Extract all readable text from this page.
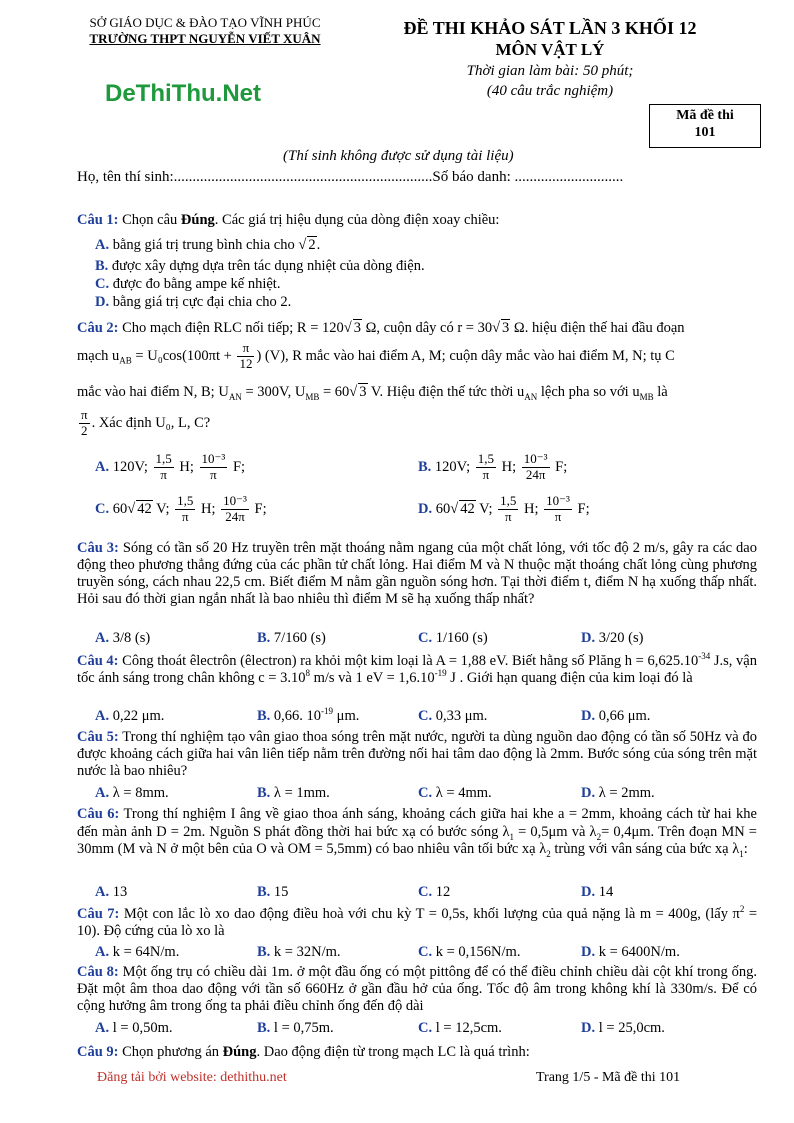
SỞ GIÁO DỤC & ĐÀO TẠO VĨNH PHÚC
TRƯỜNG THPT NGUYỄN VIẾT XUÂN
DeThiThu.Net
ĐỀ THI KHẢO SÁT LẦN 3 KHỐI 12
MÔN VẬT LÝ
Thời gian làm bài: 50 phút;
(40 câu trắc nghiệm)
Mã đề thi
101
(Thí sinh không được sử dụng tài liệu)
Họ, tên thí sinh:.....................................................................Số báo danh: .............................
Câu 1: Chọn câu Đúng. Các giá trị hiệu dụng của dòng điện xoay chiều:
A. bằng giá trị trung bình chia cho √ 2.
B. được xây dựng dựa trên tác dụng nhiệt của dòng điện.
C. được đo bằng ampe kế nhiệt.
D. bằng giá trị cực đại chia cho 2.
Câu 2: Cho mạch điện RLC nối tiếp; R = 120√ 3 Ω, cuộn dây có r = 30√ 3 Ω. hiệu điện thế hai đầu đoạn
mạch $u_{AB} = U_0\cos(100\pi t + \frac{\pi}{12}$ ) (V), R mắc vào hai điểm A, M; cuộn dây mắc vào hai điểm M, N; tụ C
mắc vào hai điểm N, B; $U_{AN} = 300V$, $U_{MB} = 60√$ 3 V. Hiệu điện thế tức thời $u_{AN}$ lệch pha so với $u_{MB}$ là
$\frac{\pi}{2}$ . Xác định U₀, L, C?
A. 120V; $\frac{1,5}{\pi} H$; $\frac{\text{10⁻³}}{\pi} F$;	B. 120V; $\frac{1,5}{\pi} H$; $\frac{\text{10⁻³}}{24\pi} F$;
C. 60√ 42 V; $\frac{1,5}{\pi} H$; $\frac{\text{10⁻³}}{24\pi} F$;	D. 60√ 42 V; $\frac{1,5}{\pi} H$; $\frac{\text{10⁻³}}{\pi} F$;
Câu 3: Sóng có tần số 20 Hz truyền trên mặt thoáng nằm ngang của một chất lỏng, với tốc độ 2 m/s, gây ra các dao động theo phương thẳng đứng của các phần tử chất lỏng. Hai điểm M và N thuộc mặt thoáng chất lỏng cùng phương truyền sóng, cách nhau 22,5 cm. Biết điểm M nằm gần nguồn sóng hơn. Tại thời điểm t, điểm N hạ xuống thấp nhất. Hỏi sau đó thời gian ngắn nhất là bao nhiêu thì điểm M sẽ hạ xuống thấp nhất?
A. 3/8 (s)	B. 7/160 (s)	C. 1/160 (s)	D. 3/20 (s)
Câu 4: Công thoát êlectrôn (êlectron) ra khỏi một kim loại là A = 1,88 eV. Biết hằng số Plăng $h = 6,625.10^{-34}$ J.s, vận tốc ánh sáng trong chân không $c = 3.10^8$ m/s và 1 eV = $1,6.10^{-19}$ J . Giới hạn quang điện của kim loại đó là
A. 0,22 μm.	B. 0,66. $10^{-19}$ μm.	C. 0,33 μm.	D. 0,66 μm.
Câu 5: Trong thí nghiệm tạo vân giao thoa sóng trên mặt nước, người ta dùng nguồn dao động có tần số 50Hz và đo được khoảng cách giữa hai vân liên tiếp nằm trên đường nối hai tâm dao động là 2mm. Bước sóng của sóng trên mặt nước là bao nhiêu?
A. λ = 8mm.	B. λ = 1mm.	C. λ = 4mm.	D. λ = 2mm.
Câu 6: Trong thí nghiệm I âng về giao thoa ánh sáng, khoảng cách giữa hai khe a = 2mm, khoảng cách từ hai khe đến màn ảnh D = 2m. Nguồn S phát đồng thời hai bức xạ có bước sóng $\lambda_1 = 0,5\mu m$ và $\lambda_2= 0,4\mu m$. Trên đoạn MN = 30mm (M và N ở một bên của O và OM = 5,5mm) có bao nhiêu vân tối bức xạ $\lambda_2$ trùng với vân sáng của bức xạ $\lambda_1$:
A. 13	B. 15	C. 12	D. 14
Câu 7: Một con lắc lò xo dao động điều hoà với chu kỳ T = 0,5s, khối lượng của quả nặng là m = 400g, (lấy $\pi^2 = 10$). Độ cứng của lò xo là
A. k = 64N/m.	B. k = 32N/m.	C. k = 0,156N/m.	D. k = 6400N/m.
Câu 8: Một ống trụ có chiều dài 1m. ở một đầu ống có một pittông để có thể điều chỉnh chiều dài cột khí trong ống. Đặt một âm thoa dao động với tần số 660Hz ở gần đầu hở của ống. Tốc độ âm trong không khí là 330m/s. Để có cộng hưởng âm trong ống ta phải điều chỉnh ống đến độ dài
A. l = 0,50m.	B. l = 0,75m.	C. l = 12,5cm.	D. l = 25,0cm.
Câu 9: Chọn phương án Đúng. Dao động điện từ trong mạch LC là quá trình:
Đăng tải bởi website: dethithu.net	Trang 1/5 - Mã đề thi 101
